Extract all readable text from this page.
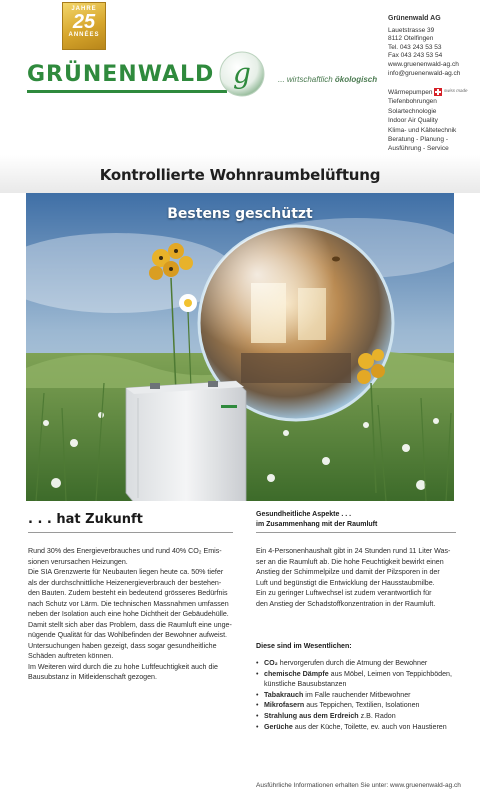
JAHRE
25
ANNÉES
GRÜNENWALD g	... wirtschaftlich ökologisch
Grünenwald AG
Lauetstrasse 39
8112 Otelfingen
Tel. 043 243 53 53
Fax 043 243 53 54
www.gruenenwald-ag.ch
info@gruenenwald-ag.ch
Wärmepumpen
Tiefenbohrungen
Solartechnologie
Indoor Air Quality
Klima- und Kältetechnik
Beratung - Planung -
Ausführung - Service
swiss made
Kontrollierte Wohnraumbelüftung
Bestens geschützt
. . . hat Zukunft	Gesundheitliche Aspekte . . .
im Zusammenhang mit der Raumluft
Rund 30% des Energieverbrauches und rund 40% CO₂ Emis-
sionen verursachen Heizungen.
Die SIA Grenzwerte für Neubauten liegen heute ca. 50% tiefer
als der durchschnittliche Heizenergieverbrauch der bestehen-
den Bauten. Zudem besteht ein bedeutend grösseres Bedürfnis
nach Schutz vor Lärm. Die technischen Massnahmen umfassen
neben der Isolation auch eine hohe Dichtheit der Gebäudehülle.
Damit stellt sich aber das Problem, dass die Raumluft eine unge-
nügende Qualität für das Wohlbefinden der Bewohner aufweist.
Untersuchungen haben gezeigt, dass sogar gesundheitliche
Schäden auftreten können.
Im Weiteren wird durch die zu hohe Luftfeuchtigkeit auch die
Bausubstanz in Mitleidenschaft gezogen.
Ein 4-Personenhaushalt gibt in 24 Stunden rund 11 Liter Was-
ser an die Raumluft ab. Die hohe Feuchtigkeit bewirkt einen
Anstieg der Schimmelpilze und damit der Pilzsporen in der
Luft und begünstigt die Entwicklung der Hausstaubmilbe.
Ein zu geringer Luftwechsel ist zudem verantwortlich für
den Anstieg der Schadstoffkonzentration in der Raumluft.
Diese sind im Wesentlichen:
• CO₂ hervorgerufen durch die Atmung der Bewohner
• chemische Dämpfe aus Möbel, Leimen von Teppichböden,
künstliche Bausubstanzen
• Tabakrauch im Falle rauchender Mitbewohner
• Mikrofasern aus Teppichen, Textilien, Isolationen
• Strahlung aus dem Erdreich z.B. Radon
• Gerüche aus der Küche, Toilette, ev. auch von Haustieren
Ausführliche Informationen erhalten Sie unter: www.gruenenwald-ag.ch
